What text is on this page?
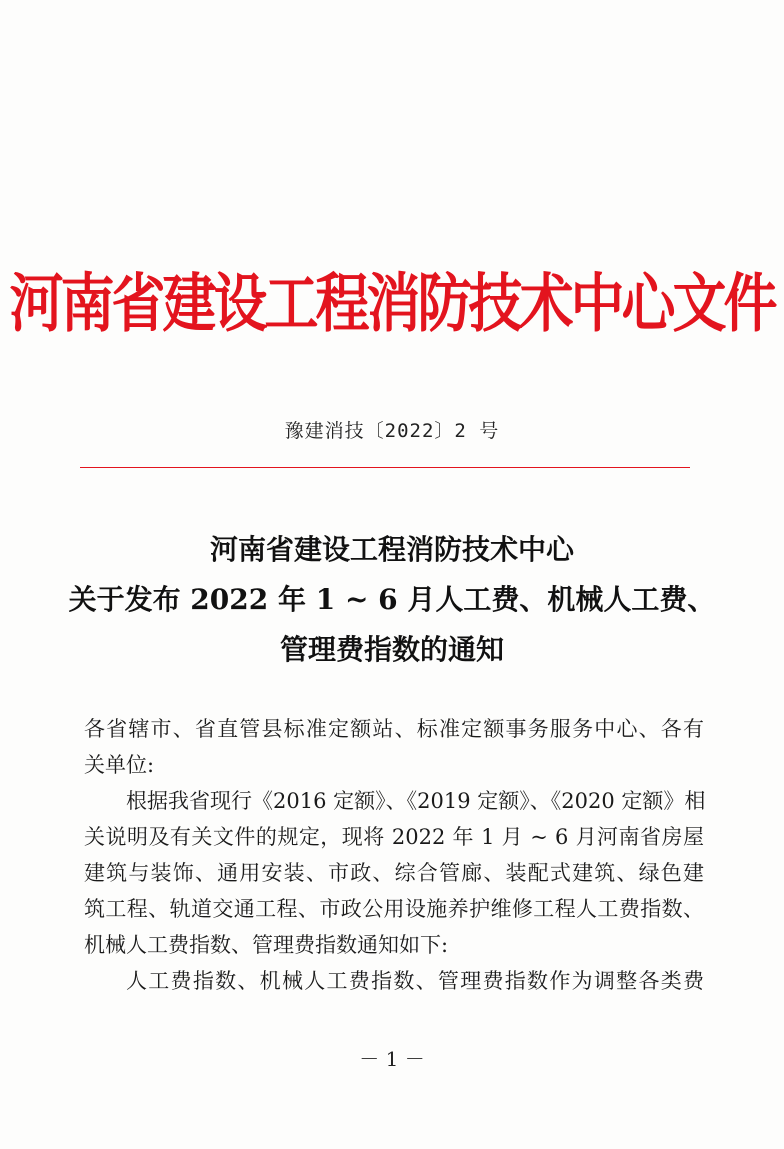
河南省建设工程消防技术中心文件
豫建消技〔2022〕2 号
河南省建设工程消防技术中心
关于发布 2022 年 1 ~ 6 月人工费、机械人工费、
管理费指数的通知
各省辖市、省直管县标准定额站、标准定额事务服务中心、各有
关单位:
根据我省现行《2016 定额》、《2019 定额》、《2020 定额》相
关说明及有关文件的规定，现将 2022 年 1 月 ~ 6 月河南省房屋
建筑与装饰、通用安装、市政、综合管廊、装配式建筑、绿色建
筑工程、轨道交通工程、市政公用设施养护维修工程人工费指数、
机械人工费指数、管理费指数通知如下:
人工费指数、机械人工费指数、管理费指数作为调整各类费
－ 1 －
